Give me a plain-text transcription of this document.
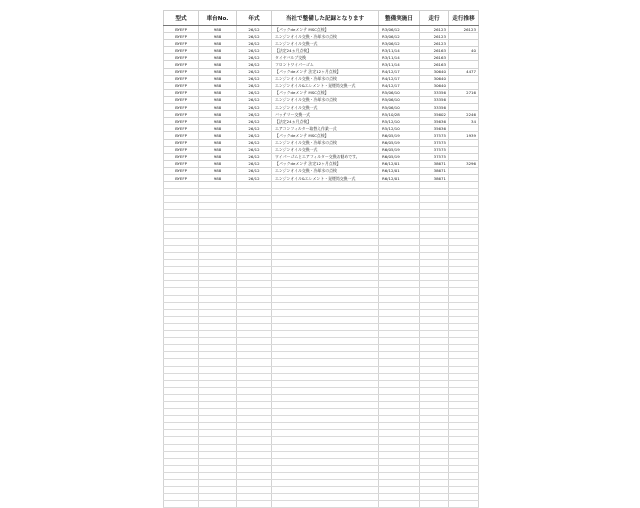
型式	車台No.	年式	当社で整備した記録となります	整備実施日	走行	走行推移
BYEFP	988	26/12	【パックdeメンテ MSC点検】	R3/06/12	26123	26123
BYEFP	988	26/12	エンジンオイル交換・冷却水の点検	R3/06/12	26123	
BYEFP	988	26/12	エンジンオイル交換一式	R3/06/12	26123	
BYEFP	988	26/12	【法定24ヵ月点検】	R3/11/14	26163	40
BYEFP	988	26/12	タイヤバルブ交換	R3/11/14	26163	
BYEFP	988	26/12	フロントワイパーゴム	R3/11/14	26163	
BYEFP	988	26/12	【パックdeメンテ 法定12ヶ月点検】	R4/12/17	30640	4477
BYEFP	988	26/12	エンジンオイル交換・冷却水の点検	R4/12/17	30640	
BYEFP	988	26/12	エンジンオイル&エレメント・発煙筒交換一式	R4/12/17	30640	
BYEFP	988	26/12	【パックdeメンテ MSC点検】	R5/06/10	33356	2716
BYEFP	988	26/12	エンジンオイル交換・冷却水の点検	R5/06/10	33356	
BYEFP	988	26/12	エンジンオイル交換一式	R5/06/10	33356	
BYEFP	988	26/12	バッテリー交換一式	R5/10/28	35602	2246
BYEFP	988	26/12	【法定24ヵ月点検】	R5/12/10	35636	34
BYEFP	988	26/12	エアコンフィルター取替え作業一式	R5/12/10	35636	
BYEFP	988	26/12	【パックdeメンテ MSC点検】	R6/05/19	37575	1939
BYEFP	988	26/12	エンジンオイル交換・冷却水の点検	R6/05/19	37575	
BYEFP	988	26/12	エンジンオイル交換一式	R6/05/19	37575	
BYEFP	988	26/12	ワイパーゴムとエアフィルター交換お勧めです。	R6/05/19	37575	
BYEFP	988	26/12	【パックdeメンテ 法定12ヶ月点検】	R6/12/01	38671	3296
BYEFP	988	26/12	エンジンオイル交換・冷却水の点検	R6/12/01	38671	
BYEFP	988	26/12	エンジンオイル&エレメント・発煙筒交換一式	R6/12/01	38671	
